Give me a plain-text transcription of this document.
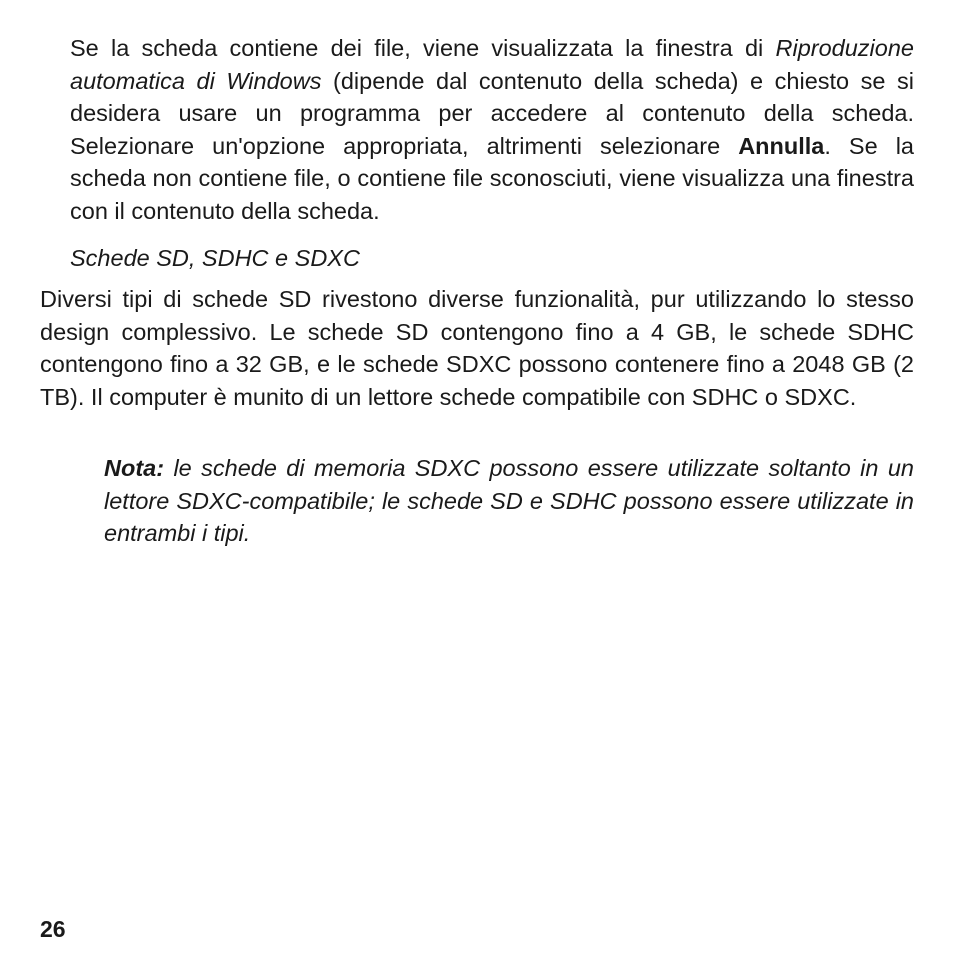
Se la scheda contiene dei file, viene visualizzata la finestra di Riproduzione automatica di Windows (dipende dal contenuto della scheda) e chiesto se si desidera usare un programma per accedere al contenuto della scheda. Selezionare un'opzione appropriata, altrimenti selezionare Annulla. Se la scheda non contiene file, o contiene file sconosciuti, viene visualizza una finestra con il contenuto della scheda.

Schede SD, SDHC e SDXC

Diversi tipi di schede SD rivestono diverse funzionalità, pur utilizzando lo stesso design complessivo. Le schede SD contengono fino a 4 GB, le schede SDHC contengono fino a 32 GB, e le schede SDXC possono contenere fino a 2048 GB (2 TB). Il computer è munito di un lettore schede compatibile con SDHC o SDXC.

Nota: le schede di memoria SDXC possono essere utilizzate soltanto in un lettore SDXC-compatibile; le schede SD e SDHC possono essere utilizzate in entrambi i tipi.

26
